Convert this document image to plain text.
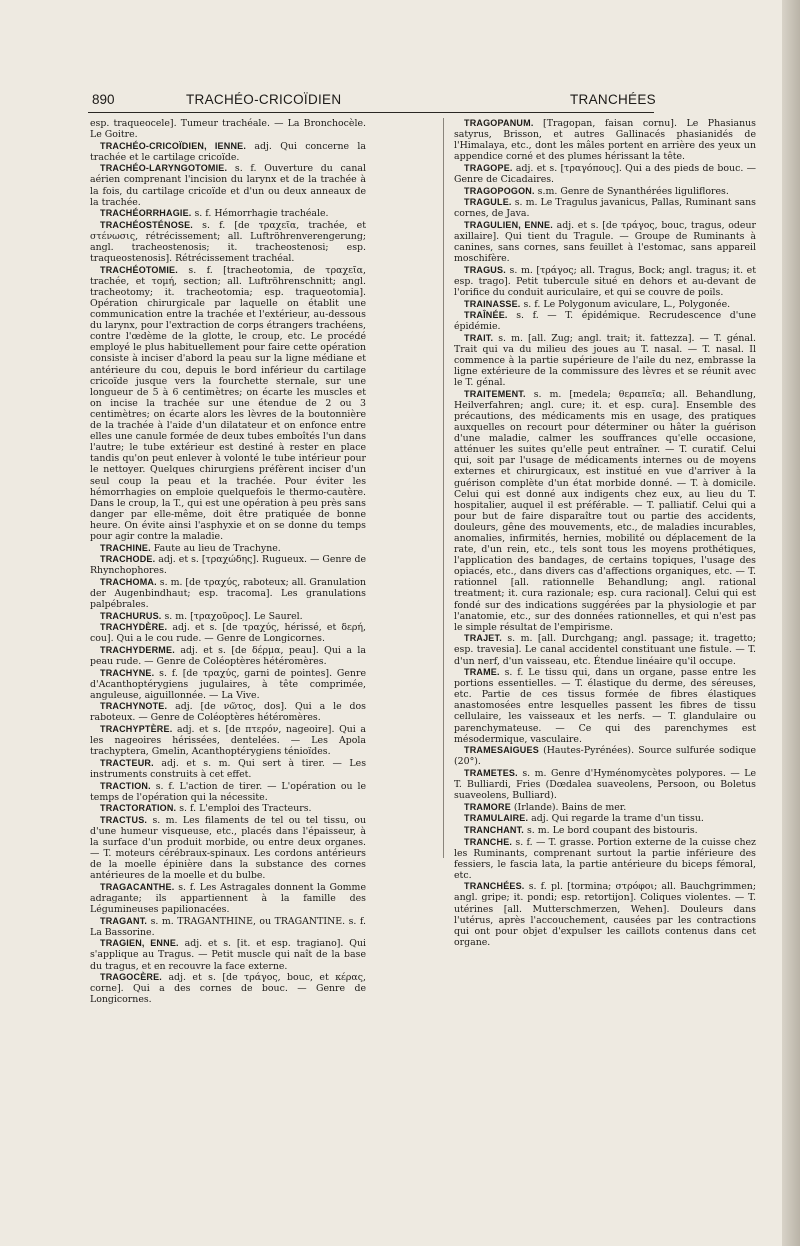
890	TRACHÉO-CRICOÏDIEN	TRANCHÉES

esp. traqueocele]. Tumeur trachéale. — La Bronchocèle. Le Goitre.

TRACHÉO-CRICOÏDIEN, IENNE. adj. Qui concerne la trachée et le cartilage cricoïde.

TRACHÉO-LARYNGOTOMIE. s. f. Ouverture du canal aérien comprenant l'incision du larynx et de la trachée à la fois, du cartilage cricoïde et d'un ou deux anneaux de la trachée.

TRACHÉORRHAGIE. s. f. Hémorrhagie trachéale.

TRACHÉOSTÉNOSE. s. f. [de τραχεῖα, trachée, et στένωσις, rétrécissement; all. Luftröhrenverengerung; angl. tracheostenosis; it. tracheostenosi; esp. traqueostenosis]. Rétrécissement trachéal.

TRACHÉOTOMIE. s. f. [tracheotomia, de τραχεῖα, trachée, et τομή, section; all. Luftröhrenschnitt; angl. tracheotomy; it. tracheotomia; esp. traqueotomia]. Opération chirurgicale par laquelle on établit une communication entre la trachée et l'extérieur, au-dessous du larynx, pour l'extraction de corps étrangers trachéens, contre l'œdème de la glotte, le croup, etc. Le procédé employé le plus habituellement pour faire cette opération consiste à inciser d'abord la peau sur la ligne médiane et antérieure du cou, depuis le bord inférieur du cartilage cricoïde jusque vers la fourchette sternale, sur une longueur de 5 à 6 centimètres; on écarte les muscles et on incise la trachée sur une étendue de 2 ou 3 centimètres; on écarte alors les lèvres de la boutonnière de la trachée à l'aide d'un dilatateur et on enfonce entre elles une canule formée de deux tubes emboîtés l'un dans l'autre; le tube extérieur est destiné à rester en place tandis qu'on peut enlever à volonté le tube intérieur pour le nettoyer. Quelques chirurgiens préfèrent inciser d'un seul coup la peau et la trachée. Pour éviter les hémorrhagies on emploie quelquefois le thermo-cautère. Dans le croup, la T., qui est une opération à peu près sans danger par elle-même, doit être pratiquée de bonne heure. On évite ainsi l'asphyxie et on se donne du temps pour agir contre la maladie.

TRACHINE. Faute au lieu de Trachyne.

TRACHODE. adj. et s. [τραχώδης]. Rugueux. — Genre de Rhynchophores.

TRACHOMA. s. m. [de τραχύς, raboteux; all. Granulation der Augenbindhaut; esp. tracoma]. Les granulations palpébrales.

TRACHURUS. s. m. [τραχοῦρος]. Le Saurel.

TRACHYDÈRE. adj. et s. [de τραχύς, hérissé, et δερή, cou]. Qui a le cou rude. — Genre de Longicornes.

TRACHYDERME. adj. et s. [de δέρμα, peau]. Qui a la peau rude. — Genre de Coléoptères hétéromères.

TRACHYNE. s. f. [de τραχύς, garni de pointes]. Genre d'Acanthoptérygiens jugulaires, à tête comprimée, anguleuse, aiguillonnée. — La Vive.

TRACHYNOTE. adj. [de νῶτος, dos]. Qui a le dos raboteux. — Genre de Coléoptères hétéromères.

TRACHYPTÈRE. adj. et s. [de πτερόν, nageoire]. Qui a les nageoires hérissées, dentelées. — Les Apola trachyptera, Gmelin, Acanthoptérygiens ténioïdes.

TRACTEUR. adj. et s. m. Qui sert à tirer. — Les instruments construits à cet effet.

TRACTION. s. f. L'action de tirer. — L'opération ou le temps de l'opération qui la nécessite.

TRACTORATION. s. f. L'emploi des Tracteurs.

TRACTUS. s. m. Les filaments de tel ou tel tissu, ou d'une humeur visqueuse, etc., placés dans l'épaisseur, à la surface d'un produit morbide, ou entre deux organes. — T. moteurs cérébraux-spinaux. Les cordons antérieurs de la moelle épinière dans la substance des cornes antérieures de la moelle et du bulbe.

TRAGACANTHE. s. f. Les Astragales donnent la Gomme adragante; ils appartiennent à la famille des Légumineuses papilionacées.

TRAGANT. s. m. TRAGANTHINE, ou TRAGANTINE. s. f. La Bassorine.

TRAGIEN, ENNE. adj. et s. [it. et esp. tragiano]. Qui s'applique au Tragus. — Petit muscle qui naît de la base du tragus, et en recouvre la face externe.

TRAGOCÈRE. adj. et s. [de τράγος, bouc, et κέρας, corne]. Qui a des cornes de bouc. — Genre de Longicornes.

TRAGOPANUM. [Tragopan, faisan cornu]. Le Phasianus satyrus, Brisson, et autres Gallinacés phasianidés de l'Himalaya, etc., dont les mâles portent en arrière des yeux un appendice corné et des plumes hérissant la tête.

TRAGOPE. adj. et s. [τραγόπους]. Qui a des pieds de bouc. — Genre de Cicadaires.

TRAGOPOGON. s.m. Genre de Synanthérées liguliflores.

TRAGULE. s. m. Le Tragulus javanicus, Pallas, Ruminant sans cornes, de Java.

TRAGULIEN, ENNE. adj. et s. [de τράγος, bouc, tragus, odeur axillaire]. Qui tient du Tragule. — Groupe de Ruminants à canines, sans cornes, sans feuillet à l'estomac, sans appareil moschifère.

TRAGUS. s. m. [τράγος; all. Tragus, Bock; angl. tragus; it. et esp. trago]. Petit tubercule situé en dehors et au-devant de l'orifice du conduit auriculaire, et qui se couvre de poils.

TRAINASSE. s. f. Le Polygonum aviculare, L., Polygonée.

TRAÎNÉE. s. f. — T. épidémique. Recrudescence d'une épidémie.

TRAIT. s. m. [all. Zug; angl. trait; it. fattezza]. — T. génal. Trait qui va du milieu des joues au T. nasal. — T. nasal. Il commence à la partie supérieure de l'aile du nez, embrasse la ligne extérieure de la commissure des lèvres et se réunit avec le T. génal.

TRAITEMENT. s. m. [medela; θεραπεῖα; all. Behandlung, Heilverfahren; angl. cure; it. et esp. cura]. Ensemble des précautions, des médicaments mis en usage, des pratiques auxquelles on recourt pour déterminer ou hâter la guérison d'une maladie, calmer les souffrances qu'elle occasione, atténuer les suites qu'elle peut entraîner. — T. curatif. Celui qui, soit par l'usage de médicaments internes ou de moyens externes et chirurgicaux, est institué en vue d'arriver à la guérison complète d'un état morbide donné. — T. à domicile. Celui qui est donné aux indigents chez eux, au lieu du T. hospitalier, auquel il est préférable. — T. palliatif. Celui qui a pour but de faire disparaître tout ou partie des accidents, douleurs, gêne des mouvements, etc., de maladies incurables, anomalies, infirmités, hernies, mobilité ou déplacement de la rate, d'un rein, etc., tels sont tous les moyens prothétiques, l'application des bandages, de certains topiques, l'usage des opiacés, etc., dans divers cas d'affections organiques, etc. — T. rationnel [all. rationnelle Behandlung; angl. rational treatment; it. cura razionale; esp. cura racional]. Celui qui est fondé sur des indications suggérées par la physiologie et par l'anatomie, etc., sur des données rationnelles, et qui n'est pas le simple résultat de l'empirisme.

TRAJET. s. m. [all. Durchgang; angl. passage; it. tragetto; esp. travesia]. Le canal accidentel constituant une fistule. — T. d'un nerf, d'un vaisseau, etc. Étendue linéaire qu'il occupe.

TRAME. s. f. Le tissu qui, dans un organe, passe entre les portions essentielles. — T. élastique du derme, des séreuses, etc. Partie de ces tissus formée de fibres élastiques anastomosées entre lesquelles passent les fibres de tissu cellulaire, les vaisseaux et les nerfs. — T. glandulaire ou parenchymateuse. — Ce qui des parenchymes est mésodermique, vasculaire.

TRAMESAIGUES (Hautes-Pyrénées). Source sulfurée sodique (20°).

TRAMETES. s. m. Genre d'Hyménomycètes polypores. — Le T. Bulliardi, Fries (Dœdalea suaveolens, Persoon, ou Boletus suaveolens, Bulliard).

TRAMORE (Irlande). Bains de mer.

TRAMULAIRE. adj. Qui regarde la trame d'un tissu.

TRANCHANT. s. m. Le bord coupant des bistouris.

TRANCHE. s. f. — T. grasse. Portion externe de la cuisse chez les Ruminants, comprenant surtout la partie inférieure des fessiers, le fascia lata, la partie antérieure du biceps fémoral, etc.

TRANCHÉES. s. f. pl. [tormina; στρόφοι; all. Bauchgrimmen; angl. gripe; it. pondi; esp. retortijon]. Coliques violentes. — T. utérines [all. Mutterschmerzen, Wehen]. Douleurs dans l'utérus, après l'accouchement, causées par les contractions qui ont pour objet d'expulser les caillots contenus dans cet organe.
